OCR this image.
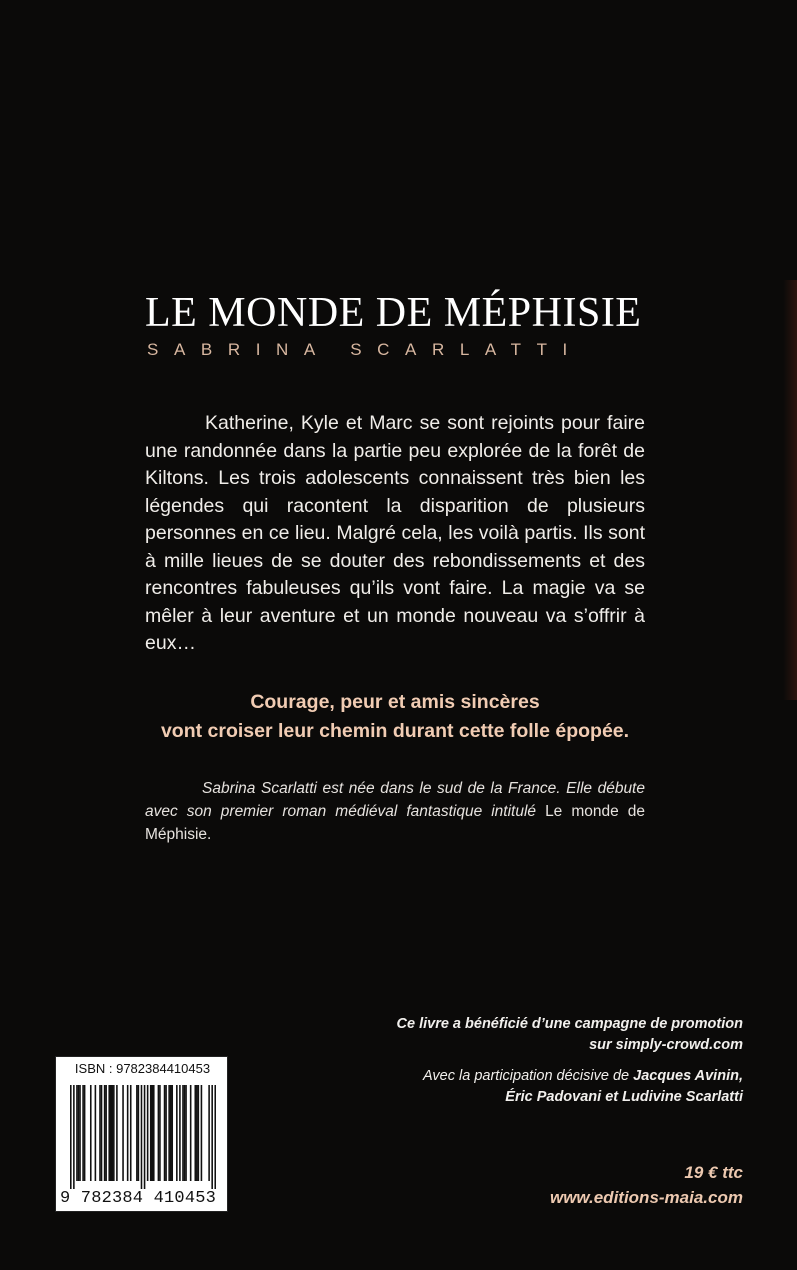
LE MONDE DE MÉPHISIE
SABRINA SCARLATTI

Katherine, Kyle et Marc se sont rejoints pour faire une randonnée dans la partie peu explorée de la forêt de Kiltons. Les trois adolescents connaissent très bien les légendes qui racontent la disparition de plusieurs personnes en ce lieu. Malgré cela, les voilà partis. Ils sont à mille lieues de se douter des rebondissements et des rencontres fabuleuses qu’ils vont faire. La magie va se mêler à leur aventure et un monde nouveau va s’offrir à eux…

Courage, peur et amis sincères
vont croiser leur chemin durant cette folle épopée.

Sabrina Scarlatti est née dans le sud de la France. Elle débute avec son premier roman médiéval fantastique intitulé Le monde de Méphisie.

Ce livre a bénéficié d’une campagne de promotion
sur simply-crowd.com
Avec la participation décisive de Jacques Avinin,
Éric Padovani et Ludivine Scarlatti
19 € ttc
www.editions-maia.com
ISBN : 9782384410453
9 782384 410453
